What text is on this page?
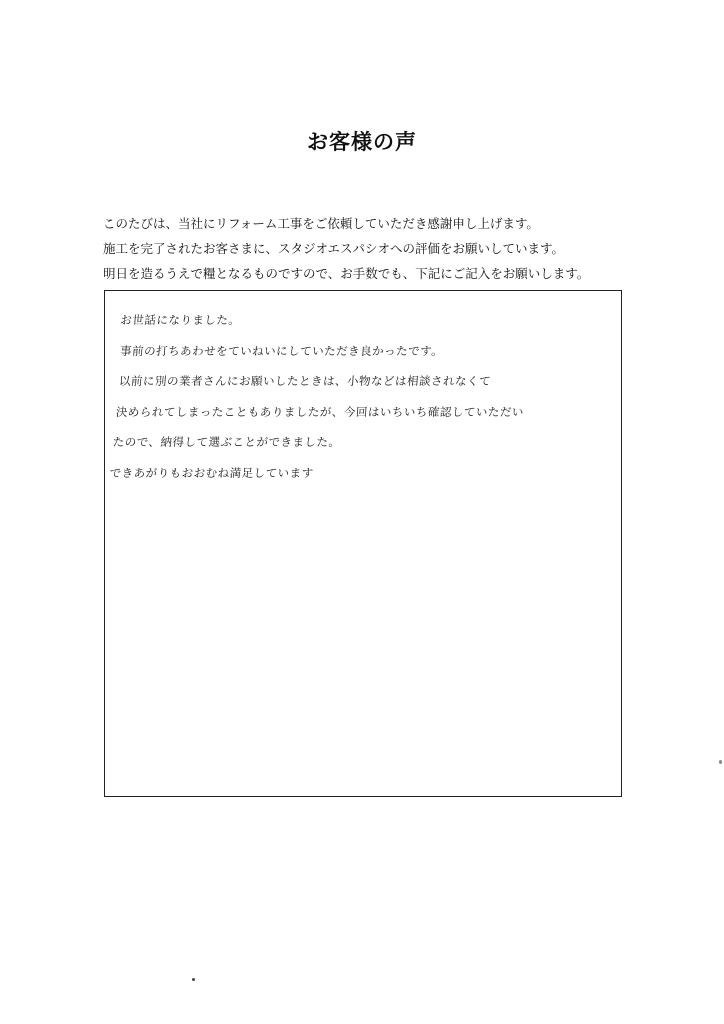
お客様の声
このたびは、当社にリフォーム工事をご依頼していただき感謝申し上げます。
施工を完了されたお客さまに、スタジオエスパシオへの評価をお願いしています。
明日を造るうえで糧となるものですので、お手数でも、下記にご記入をお願いします。
お世話になりました。
事前の打ちあわせをていねいにしていただき良かったです。
以前に別の業者さんにお願いしたときは、小物などは相談されなくて
決められてしまったこともありましたが、今回はいちいち確認していただい
たので、納得して選ぶことができました。
できあがりもおおむね満足しています
